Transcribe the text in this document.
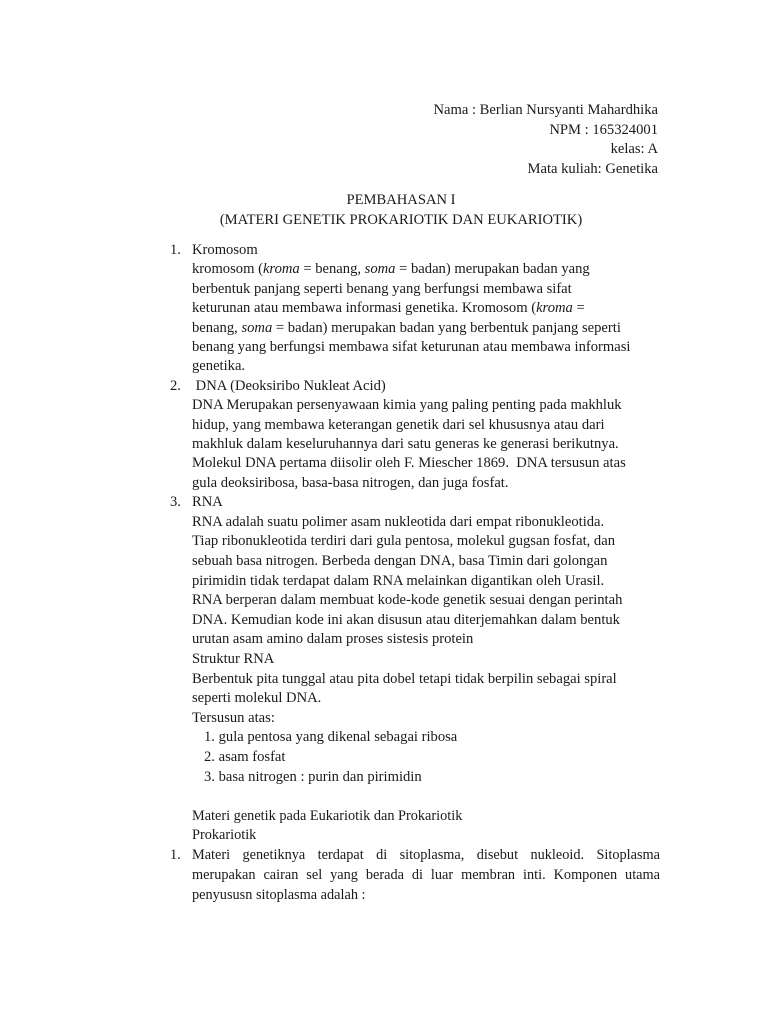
Nama : Berlian Nursyanti Mahardhika
NPM : 165324001
kelas: A
Mata kuliah: Genetika
PEMBAHASAN I
(MATERI GENETIK PROKARIOTIK DAN EUKARIOTIK)
1. Kromosom
kromosom (kroma = benang, soma = badan) merupakan badan yang
berbentuk panjang seperti benang yang berfungsi membawa sifat
keturunan atau membawa informasi genetika. Kromosom (kroma =
benang, soma = badan) merupakan badan yang berbentuk panjang seperti
benang yang berfungsi membawa sifat keturunan atau membawa informasi
genetika.
2. DNA (Deoksiribo Nukleat Acid)
DNA Merupakan persenyawaan kimia yang paling penting pada makhluk
hidup, yang membawa keterangan genetik dari sel khususnya atau dari
makhluk dalam keseluruhannya dari satu generas ke generasi berikutnya.
Molekul DNA pertama diisolir oleh F. Miescher 1869.  DNA tersusun atas
gula deoksiribosa, basa-basa nitrogen, dan juga fosfat.
3. RNA
RNA adalah suatu polimer asam nukleotida dari empat ribonukleotida.
Tiap ribonukleotida terdiri dari gula pentosa, molekul gugsan fosfat, dan
sebuah basa nitrogen. Berbeda dengan DNA, basa Timin dari golongan
pirimidin tidak terdapat dalam RNA melainkan digantikan oleh Urasil.
RNA berperan dalam membuat kode-kode genetik sesuai dengan perintah
DNA. Kemudian kode ini akan disusun atau diterjemahkan dalam bentuk
urutan asam amino dalam proses sistesis protein
Struktur RNA
Berbentuk pita tunggal atau pita dobel tetapi tidak berpilin sebagai spiral
seperti molekul DNA.
Tersusun atas:
1. gula pentosa yang dikenal sebagai ribosa
2. asam fosfat
3. basa nitrogen : purin dan pirimidin
Materi genetik pada Eukariotik dan Prokariotik
Prokariotik
1. Materi genetiknya terdapat di sitoplasma, disebut nukleoid. Sitoplasma
merupakan cairan sel yang berada di luar membran inti. Komponen utama
penyususn sitoplasma adalah :
